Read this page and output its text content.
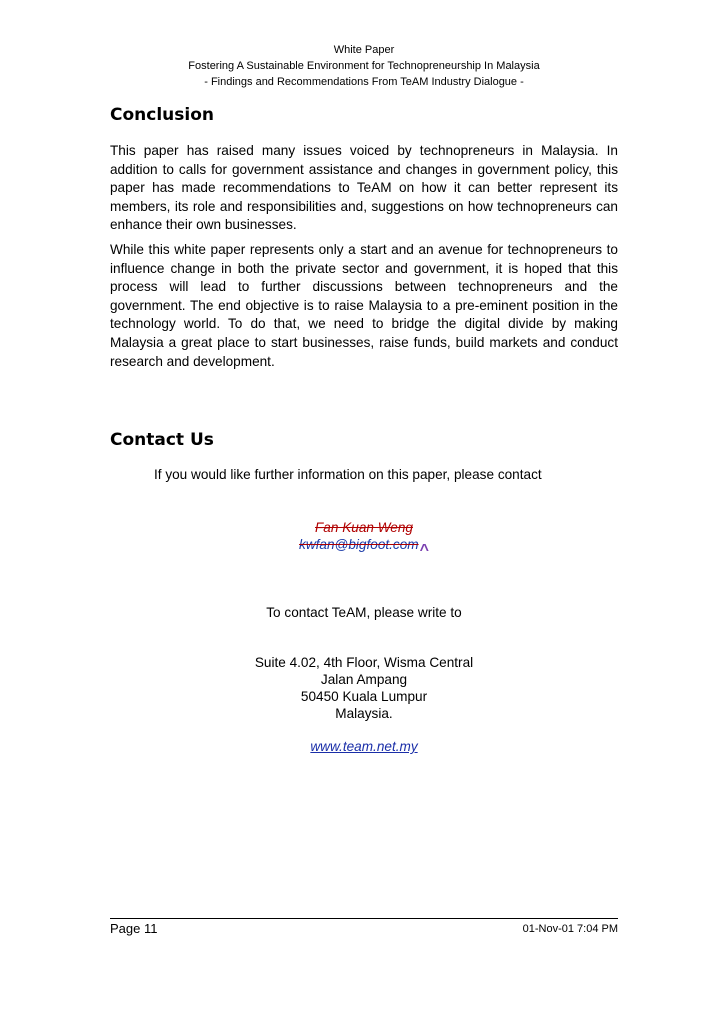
White Paper
Fostering A Sustainable Environment for Technopreneurship In Malaysia
- Findings and Recommendations From TeAM Industry Dialogue -
Conclusion
This paper has raised many issues voiced by technopreneurs in Malaysia. In addition to calls for government assistance and changes in government policy, this paper has made recommendations to TeAM on how it can better represent its members, its role and responsibilities and, suggestions on how technopreneurs can enhance their own businesses.
While this white paper represents only a start and an avenue for technopreneurs to influence change in both the private sector and government, it is hoped that this process will lead to further discussions between technopreneurs and the government. The end objective is to raise Malaysia to a pre-eminent position in the technology world. To do that, we need to bridge the digital divide by making Malaysia a great place to start businesses, raise funds, build markets and conduct research and development.
Contact Us
If you would like further information on this paper, please contact
Fan Kuan Weng
kwfan@bigfoot.com^
To contact TeAM, please write to
Suite 4.02, 4th Floor, Wisma Central
Jalan Ampang
50450 Kuala Lumpur
Malaysia.
www.team.net.my
Page 11	01-Nov-01 7:04 PM
